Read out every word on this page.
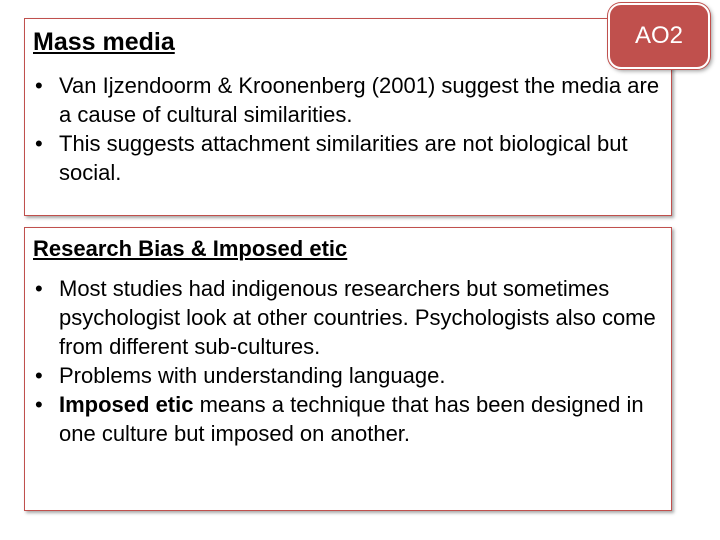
Mass media
• Van Ijzendoorm & Kroonenberg (2001) suggest the media are a cause of cultural similarities.
• This suggests attachment similarities are not biological but social.
AO2
Research Bias & Imposed etic
• Most studies had indigenous researchers but sometimes psychologist look at other countries. Psychologists also come from different sub-cultures.
• Problems with understanding language.
• Imposed etic means a technique that has been designed in one culture but imposed on another.
